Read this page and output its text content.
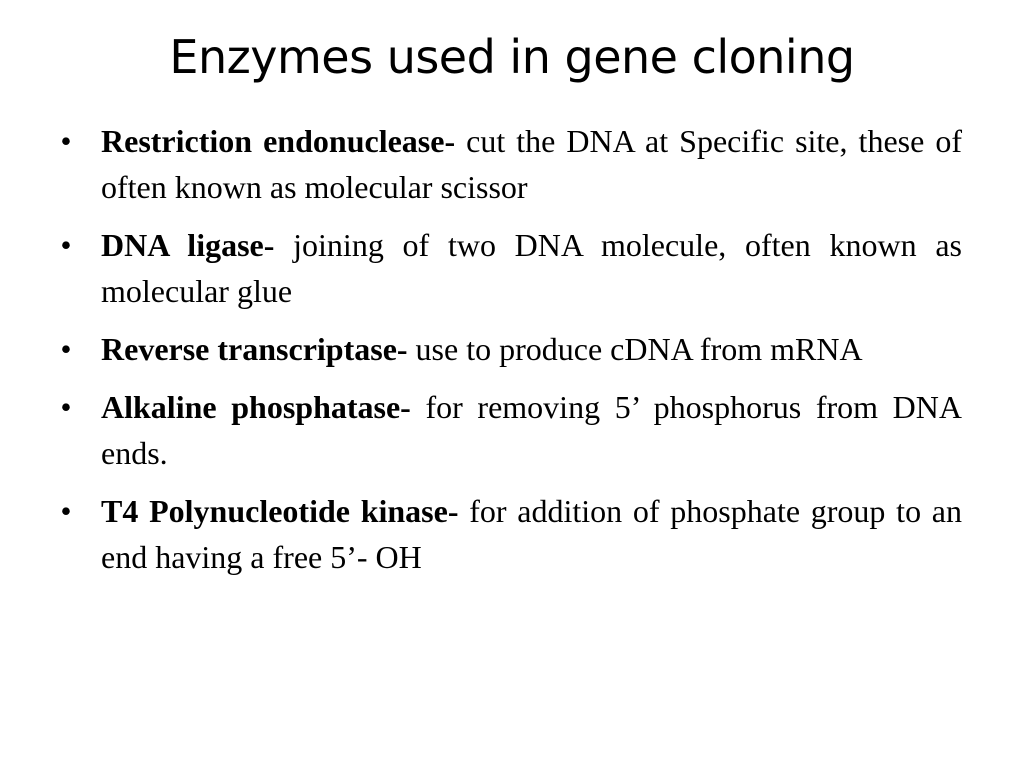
Enzymes used in gene cloning
• Restriction endonuclease- cut the DNA at Specific site, these of often known as molecular scissor
• DNA ligase- joining of two DNA molecule, often known as molecular glue
• Reverse transcriptase- use to produce cDNA from mRNA
• Alkaline phosphatase- for removing 5’ phosphorus from DNA ends.
• T4 Polynucleotide kinase- for addition of phosphate group to an end having a free 5’- OH
